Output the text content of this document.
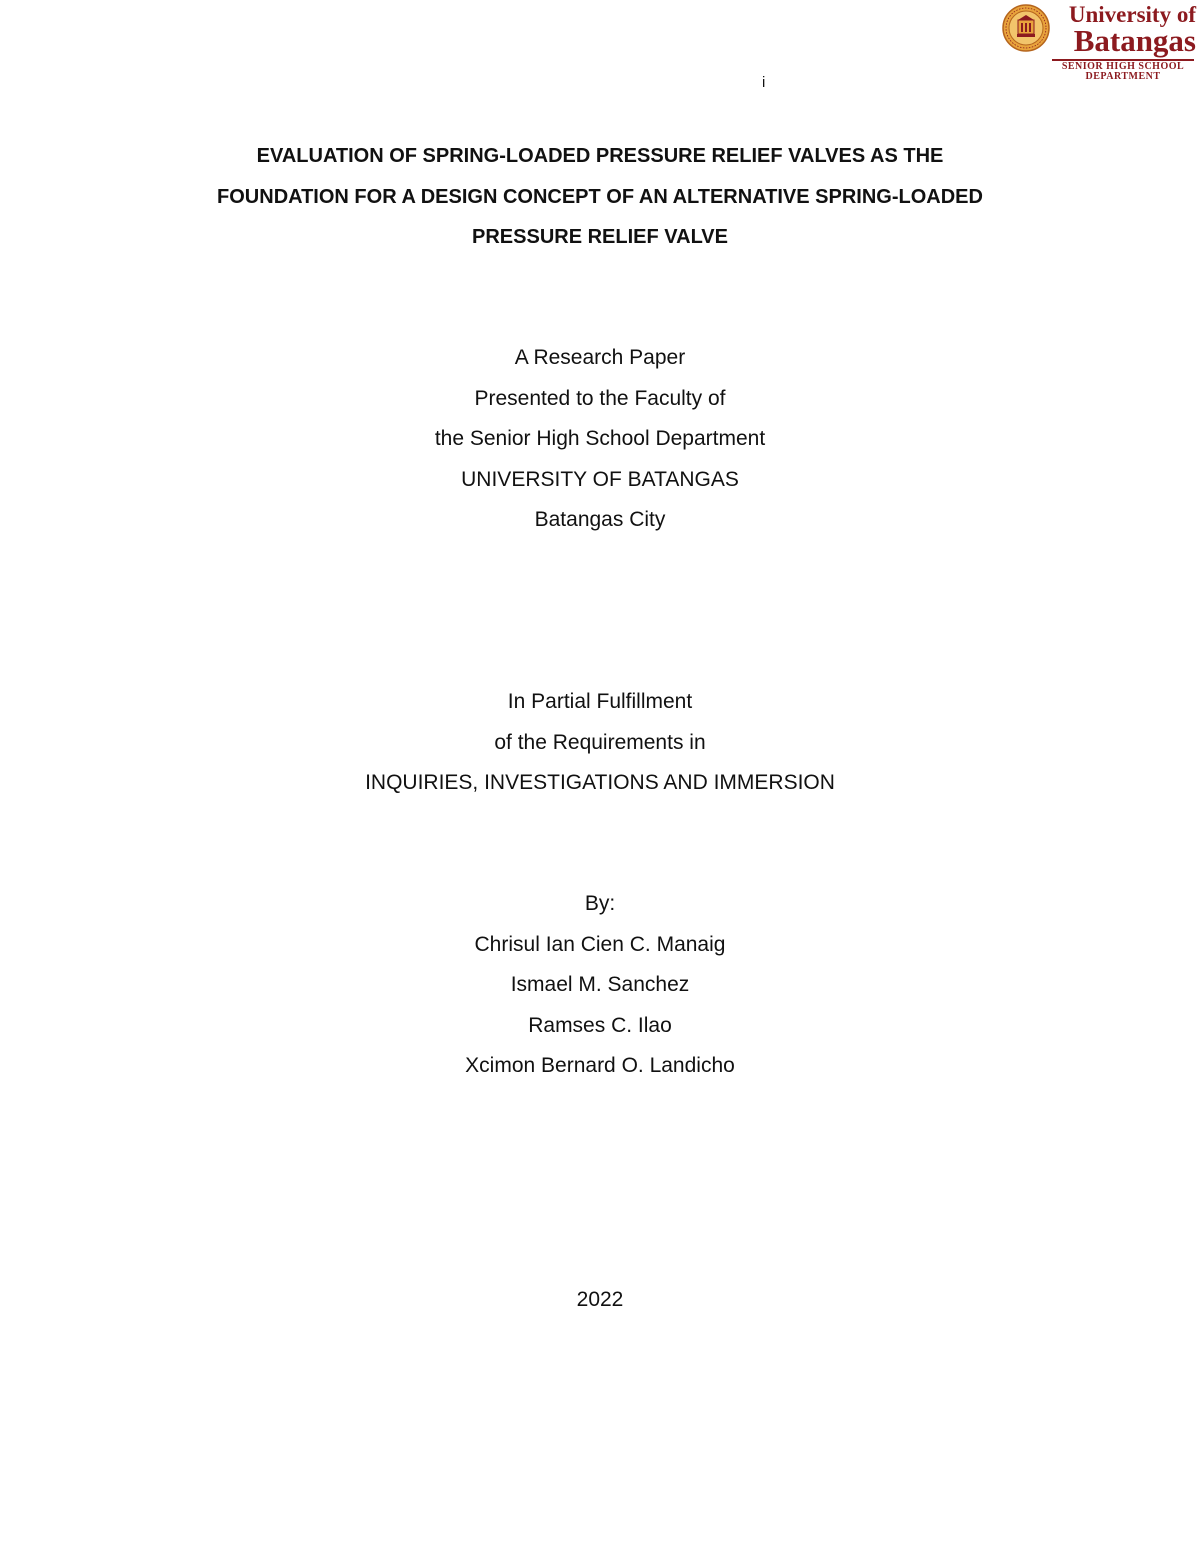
University of
Batangas
SENIOR HIGH SCHOOL
DEPARTMENT
i
EVALUATION OF SPRING-LOADED PRESSURE RELIEF VALVES AS THE
FOUNDATION FOR A DESIGN CONCEPT OF AN ALTERNATIVE SPRING-LOADED
PRESSURE RELIEF VALVE
A Research Paper
Presented to the Faculty of
the Senior High School Department
UNIVERSITY OF BATANGAS
Batangas City
In Partial Fulfillment
of the Requirements in
INQUIRIES, INVESTIGATIONS AND IMMERSION
By:
Chrisul Ian Cien C. Manaig
Ismael M. Sanchez
Ramses C. Ilao
Xcimon Bernard O. Landicho
2022
